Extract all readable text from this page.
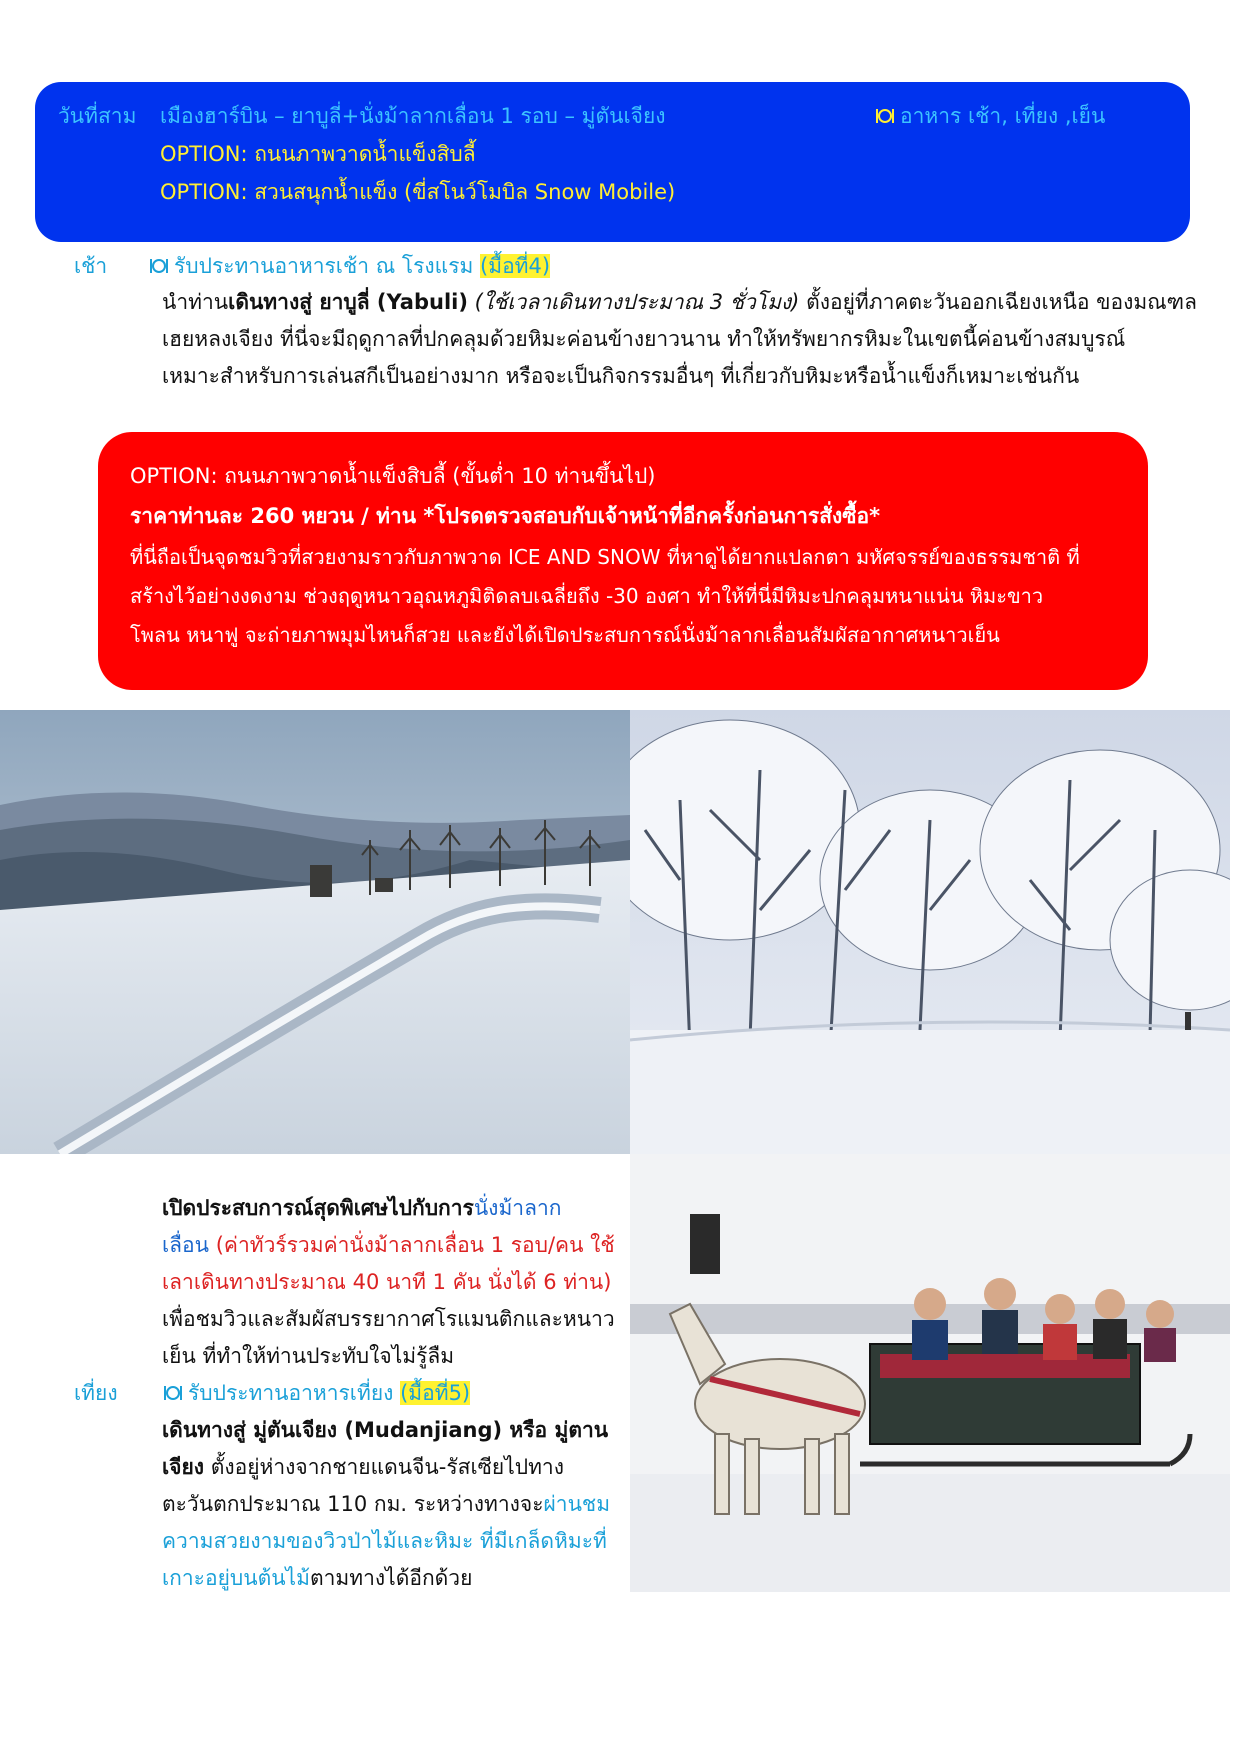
วันที่สาม เมืองฮาร์บิน – ยาบูลี่+นั่งม้าลากเลื่อน 1 รอบ – มู่ตันเจียง	อาหาร เช้า, เที่ยง ,เย็น
OPTION: ถนนภาพวาดน้ำแข็งสิบลี้
OPTION: สวนสนุกน้ำแข็ง (ขี่สโนว์โมบิล Snow Mobile)
เช้า	รับประทานอาหารเช้า ณ โรงแรม (มื้อที่4)
นำท่านเดินทางสู่ ยาบูลี่ (Yabuli) (ใช้เวลาเดินทางประมาณ 3 ชั่วโมง) ตั้งอยู่ที่ภาคตะวันออกเฉียงเหนือ ของมณฑล
เฮยหลงเจียง ที่นี่จะมีฤดูกาลที่ปกคลุมด้วยหิมะค่อนข้างยาวนาน ทำให้ทรัพยากรหิมะในเขตนี้ค่อนข้างสมบูรณ์
เหมาะสำหรับการเล่นสกีเป็นอย่างมาก หรือจะเป็นกิจกรรมอื่นๆ ที่เกี่ยวกับหิมะหรือน้ำแข็งก็เหมาะเช่นกัน
OPTION: ถนนภาพวาดน้ำแข็งสิบลี้ (ขั้นต่ำ 10 ท่านขึ้นไป)
ราคาท่านละ 260 หยวน / ท่าน *โปรดตรวจสอบกับเจ้าหน้าที่อีกครั้งก่อนการสั่งซื้อ*
ที่นี่ถือเป็นจุดชมวิวที่สวยงามราวกับภาพวาด ICE AND SNOW ที่หาดูได้ยากแปลกตา มหัศจรรย์ของธรรมชาติ ที่
สร้างไว้อย่างงดงาม ช่วงฤดูหนาวอุณหภูมิติดลบเฉลี่ยถึง -30 องศา ทำให้ที่นี่มีหิมะปกคลุมหนาแน่น หิมะขาว
โพลน หนาฟู จะถ่ายภาพมุมไหนก็สวย และยังได้เปิดประสบการณ์นั่งม้าลากเลื่อนสัมผัสอากาศหนาวเย็น
เปิดประสบการณ์สุดพิเศษไปกับการนั่งม้าลาก
เลื่อน (ค่าทัวร์รวมค่านั่งม้าลากเลื่อน 1 รอบ/คน ใช้
เลาเดินทางประมาณ 40 นาที 1 คัน นั่งได้ 6 ท่าน)
เพื่อชมวิวและสัมผัสบรรยากาศโรแมนติกและหนาว
เย็น ที่ทำให้ท่านประทับใจไม่รู้ลืม
เที่ยง	รับประทานอาหารเที่ยง (มื้อที่5)
เดินทางสู่ มู่ตันเจียง (Mudanjiang) หรือ มู่ตาน
เจียง ตั้งอยู่ห่างจากชายแดนจีน-รัสเซียไปทาง
ตะวันตกประมาณ 110 กม. ระหว่างทางจะผ่านชม
ความสวยงามของวิวป่าไม้และหิมะ ที่มีเกล็ดหิมะที่
เกาะอยู่บนต้นไม้ตามทางได้อีกด้วย
